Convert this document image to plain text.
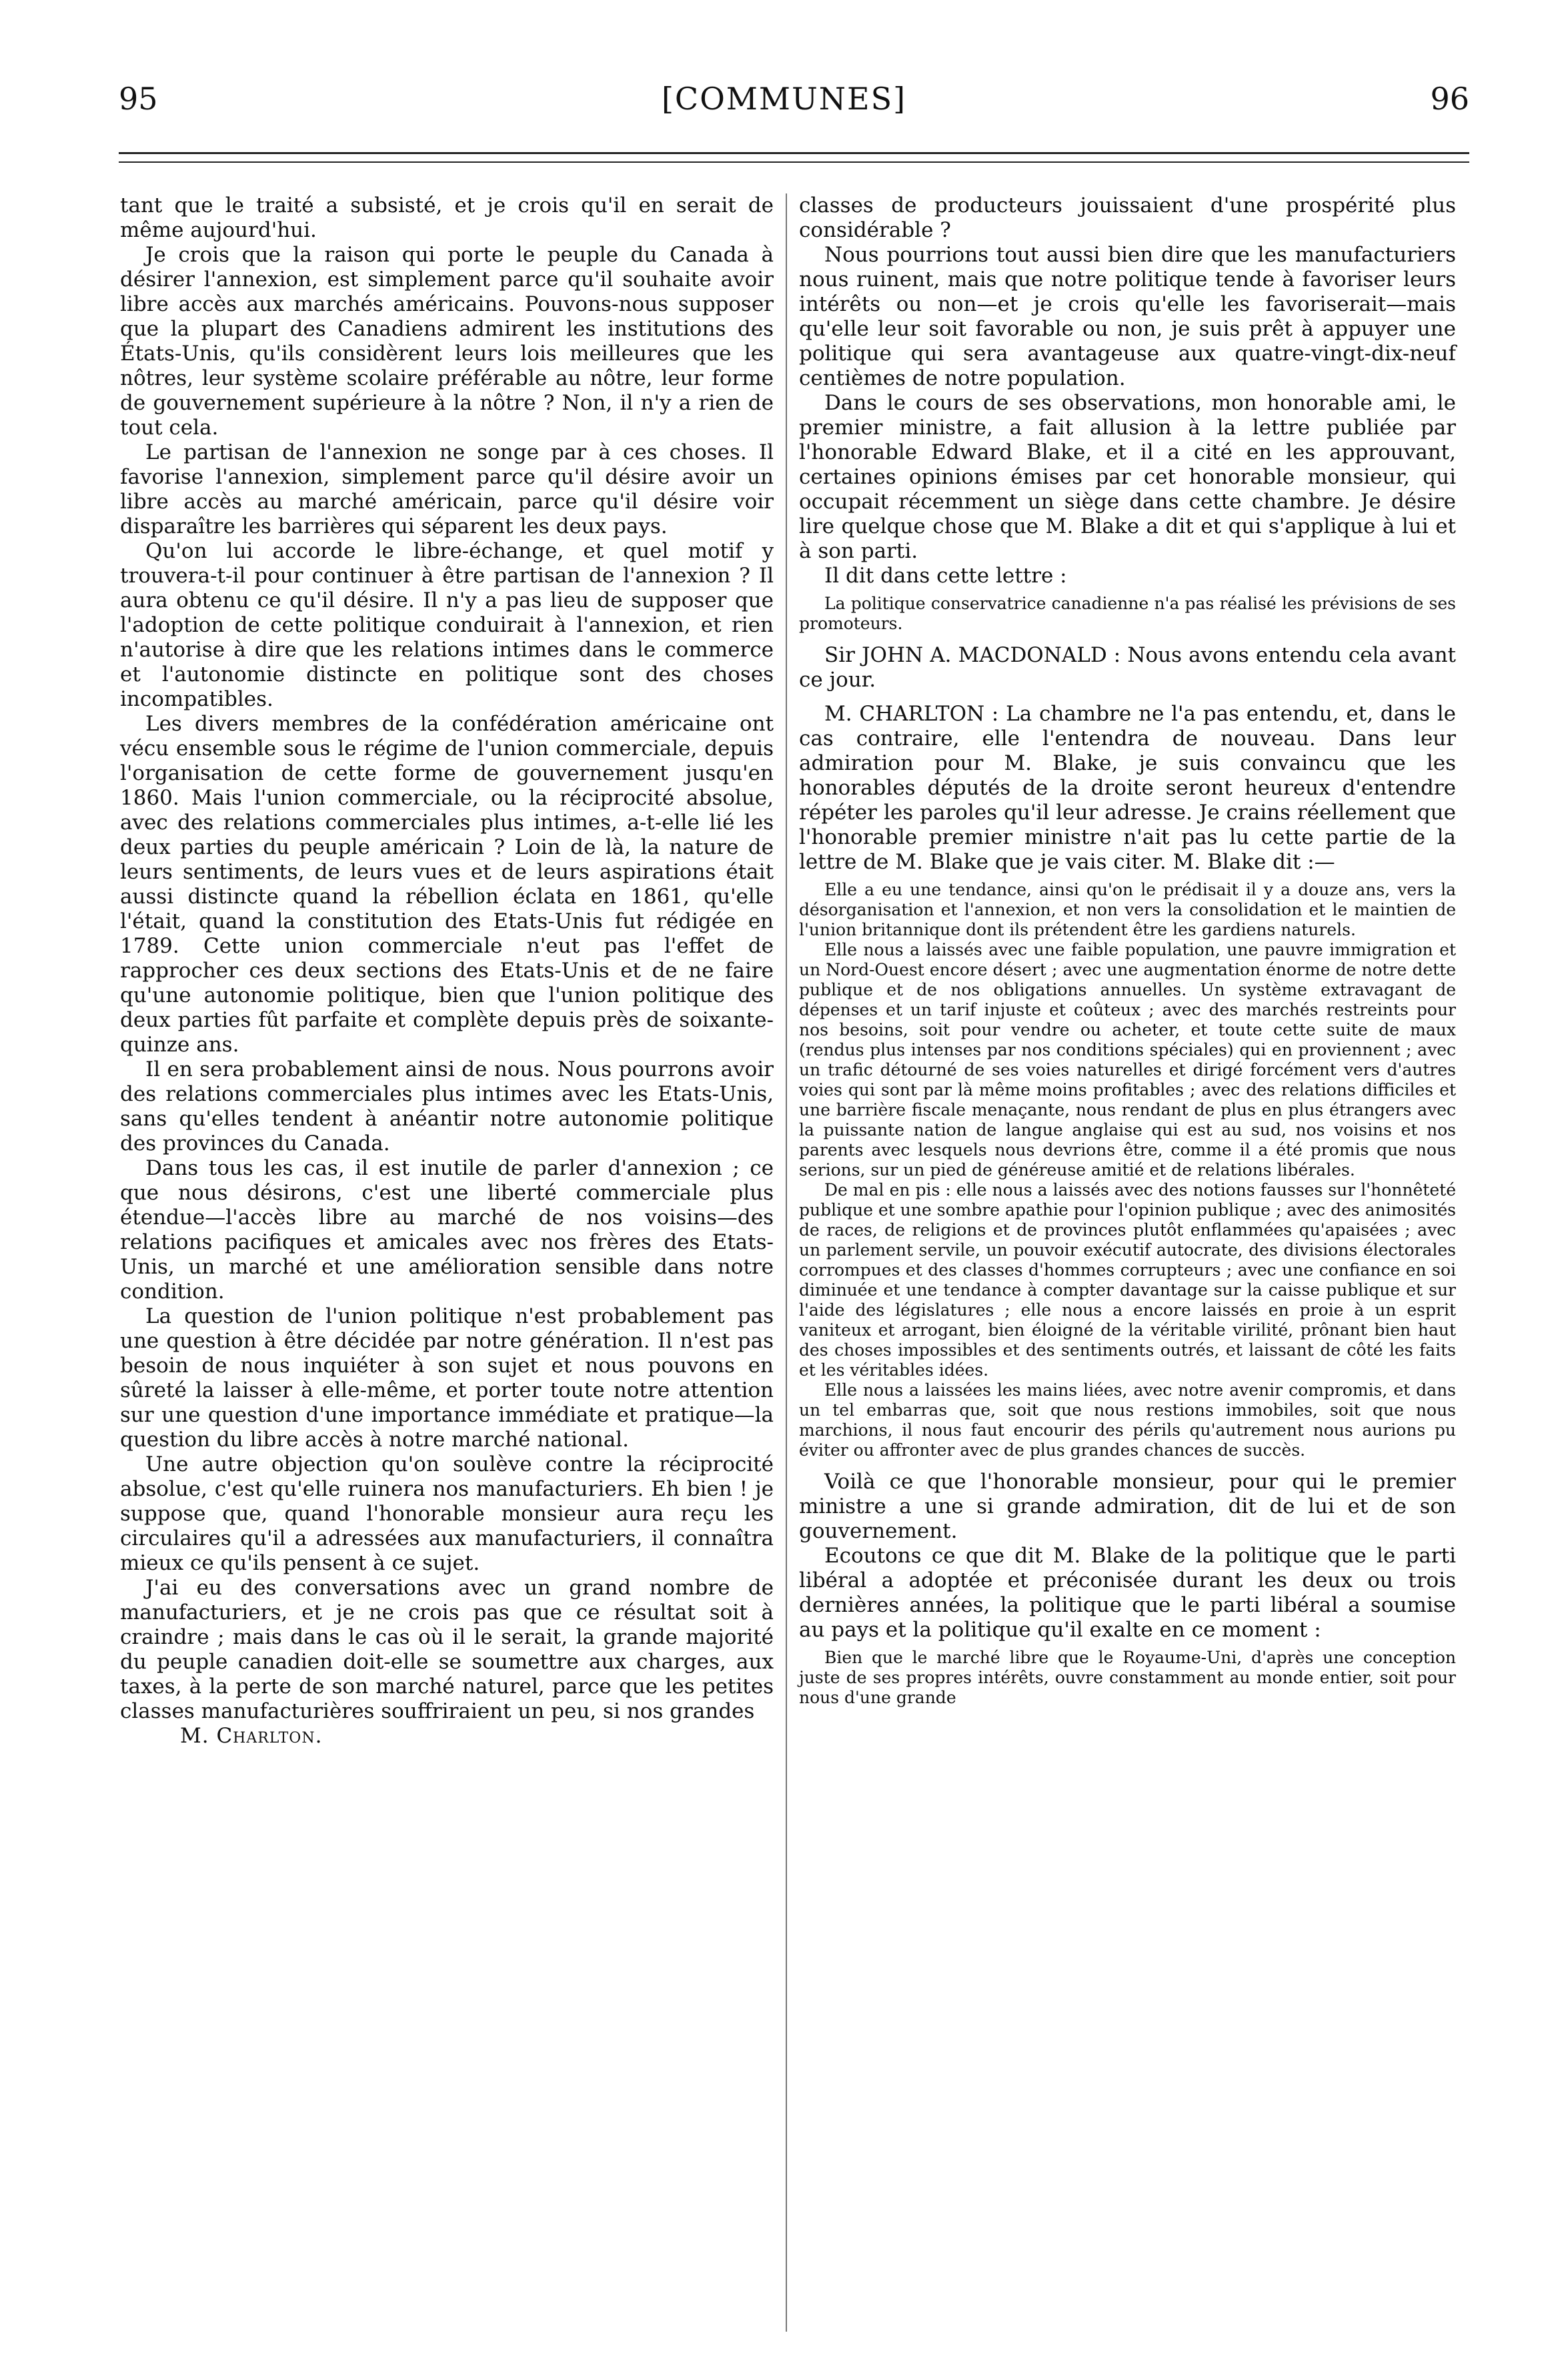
95	[COMMUNES]	96

tant que le traité a subsisté, et je crois qu'il en serait de même aujourd'hui.

Je crois que la raison qui porte le peuple du Canada à désirer l'annexion, est simplement parce qu'il souhaite avoir libre accès aux marchés américains. Pouvons-nous supposer que la plupart des Canadiens admirent les institutions des États-Unis, qu'ils considèrent leurs lois meilleures que les nôtres, leur système scolaire préférable au nôtre, leur forme de gouvernement supérieure à la nôtre ? Non, il n'y a rien de tout cela.

Le partisan de l'annexion ne songe par à ces choses. Il favorise l'annexion, simplement parce qu'il désire avoir un libre accès au marché américain, parce qu'il désire voir disparaître les barrières qui séparent les deux pays.

Qu'on lui accorde le libre-échange, et quel motif y trouvera-t-il pour continuer à être partisan de l'annexion ? Il aura obtenu ce qu'il désire. Il n'y a pas lieu de supposer que l'adoption de cette politique conduirait à l'annexion, et rien n'autorise à dire que les relations intimes dans le commerce et l'autonomie distincte en politique sont des choses incompatibles.

Les divers membres de la confédération américaine ont vécu ensemble sous le régime de l'union commerciale, depuis l'organisation de cette forme de gouvernement jusqu'en 1860. Mais l'union commerciale, ou la réciprocité absolue, avec des relations commerciales plus intimes, a-t-elle lié les deux parties du peuple américain ? Loin de là, la nature de leurs sentiments, de leurs vues et de leurs aspirations était aussi distincte quand la rébellion éclata en 1861, qu'elle l'était, quand la constitution des Etats-Unis fut rédigée en 1789. Cette union commerciale n'eut pas l'effet de rapprocher ces deux sections des Etats-Unis et de ne faire qu'une autonomie politique, bien que l'union politique des deux parties fût parfaite et complète depuis près de soixante-quinze ans.

Il en sera probablement ainsi de nous. Nous pourrons avoir des relations commerciales plus intimes avec les Etats-Unis, sans qu'elles tendent à anéantir notre autonomie politique des provinces du Canada.

Dans tous les cas, il est inutile de parler d'annexion ; ce que nous désirons, c'est une liberté commerciale plus étendue—l'accès libre au marché de nos voisins—des relations pacifiques et amicales avec nos frères des Etats-Unis, un marché et une amélioration sensible dans notre condition.

La question de l'union politique n'est probablement pas une question à être décidée par notre génération. Il n'est pas besoin de nous inquiéter à son sujet et nous pouvons en sûreté la laisser à elle-même, et porter toute notre attention sur une question d'une importance immédiate et pratique—la question du libre accès à notre marché national.

Une autre objection qu'on soulève contre la réciprocité absolue, c'est qu'elle ruinera nos manufacturiers. Eh bien ! je suppose que, quand l'honorable monsieur aura reçu les circulaires qu'il a adressées aux manufacturiers, il connaîtra mieux ce qu'ils pensent à ce sujet.

J'ai eu des conversations avec un grand nombre de manufacturiers, et je ne crois pas que ce résultat soit à craindre ; mais dans le cas où il le serait, la grande majorité du peuple canadien doit-elle se soumettre aux charges, aux taxes, à la perte de son marché naturel, parce que les petites classes manufacturières souffriraient un peu, si nos grandes

M. Charlton.

classes de producteurs jouissaient d'une prospérité plus considérable ?

Nous pourrions tout aussi bien dire que les manufacturiers nous ruinent, mais que notre politique tende à favoriser leurs intérêts ou non—et je crois qu'elle les favoriserait—mais qu'elle leur soit favorable ou non, je suis prêt à appuyer une politique qui sera avantageuse aux quatre-vingt-dix-neuf centièmes de notre population.

Dans le cours de ses observations, mon honorable ami, le premier ministre, a fait allusion à la lettre publiée par l'honorable Edward Blake, et il a cité en les approuvant, certaines opinions émises par cet honorable monsieur, qui occupait récemment un siège dans cette chambre. Je désire lire quelque chose que M. Blake a dit et qui s'applique à lui et à son parti.

Il dit dans cette lettre :

La politique conservatrice canadienne n'a pas réalisé les prévisions de ses promoteurs.

Sir JOHN A. MACDONALD : Nous avons entendu cela avant ce jour.

M. CHARLTON : La chambre ne l'a pas entendu, et, dans le cas contraire, elle l'entendra de nouveau. Dans leur admiration pour M. Blake, je suis convaincu que les honorables députés de la droite seront heureux d'entendre répéter les paroles qu'il leur adresse. Je crains réellement que l'honorable premier ministre n'ait pas lu cette partie de la lettre de M. Blake que je vais citer. M. Blake dit :—

Elle a eu une tendance, ainsi qu'on le prédisait il y a douze ans, vers la désorganisation et l'annexion, et non vers la consolidation et le maintien de l'union britannique dont ils prétendent être les gardiens naturels.

Elle nous a laissés avec une faible population, une pauvre immigration et un Nord-Ouest encore désert ; avec une augmentation énorme de notre dette publique et de nos obligations annuelles. Un système extravagant de dépenses et un tarif injuste et coûteux ; avec des marchés restreints pour nos besoins, soit pour vendre ou acheter, et toute cette suite de maux (rendus plus intenses par nos conditions spéciales) qui en proviennent ; avec un trafic détourné de ses voies naturelles et dirigé forcément vers d'autres voies qui sont par là même moins profitables ; avec des relations difficiles et une barrière fiscale menaçante, nous rendant de plus en plus étrangers avec la puissante nation de langue anglaise qui est au sud, nos voisins et nos parents avec lesquels nous devrions être, comme il a été promis que nous serions, sur un pied de généreuse amitié et de relations libérales.

De mal en pis : elle nous a laissés avec des notions fausses sur l'honnêteté publique et une sombre apathie pour l'opinion publique ; avec des animosités de races, de religions et de provinces plutôt enflammées qu'apaisées ; avec un parlement servile, un pouvoir exécutif autocrate, des divisions électorales corrompues et des classes d'hommes corrupteurs ; avec une confiance en soi diminuée et une tendance à compter davantage sur la caisse publique et sur l'aide des législatures ; elle nous a encore laissés en proie à un esprit vaniteux et arrogant, bien éloigné de la véritable virilité, prônant bien haut des choses impossibles et des sentiments outrés, et laissant de côté les faits et les véritables idées.

Elle nous a laissées les mains liées, avec notre avenir compromis, et dans un tel embarras que, soit que nous restions immobiles, soit que nous marchions, il nous faut encourir des périls qu'autrement nous aurions pu éviter ou affronter avec de plus grandes chances de succès.

Voilà ce que l'honorable monsieur, pour qui le premier ministre a une si grande admiration, dit de lui et de son gouvernement.

Ecoutons ce que dit M. Blake de la politique que le parti libéral a adoptée et préconisée durant les deux ou trois dernières années, la politique que le parti libéral a soumise au pays et la politique qu'il exalte en ce moment :

Bien que le marché libre que le Royaume-Uni, d'après une conception juste de ses propres intérêts, ouvre constamment au monde entier, soit pour nous d'une grande
